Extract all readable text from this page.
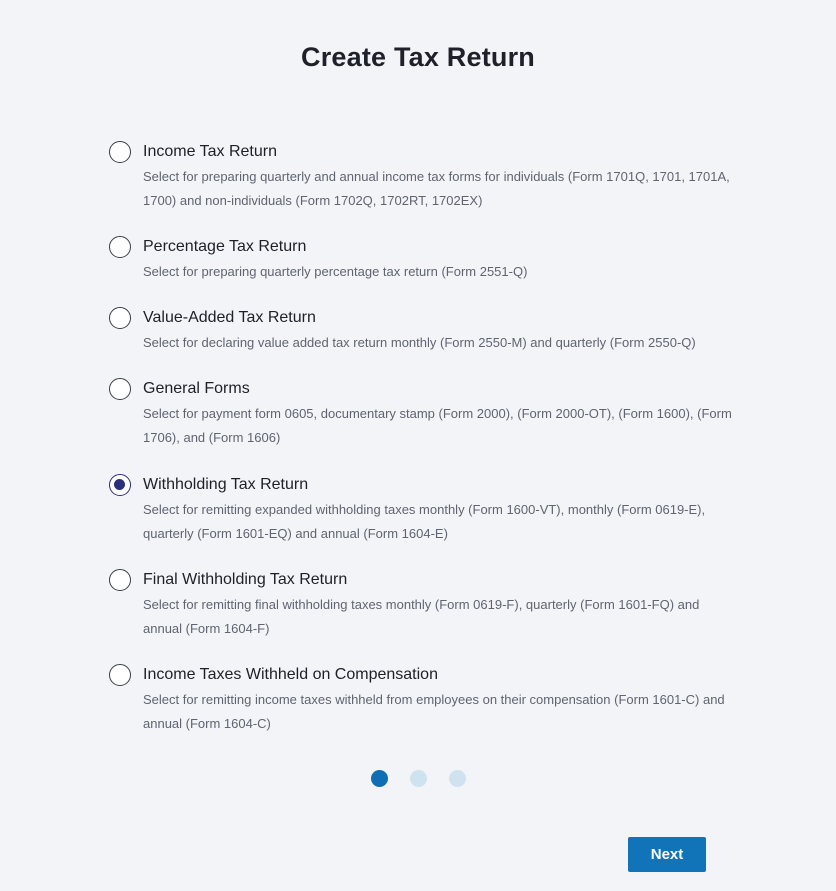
Create Tax Return
Income Tax Return
Select for preparing quarterly and annual income tax forms for individuals (Form 1701Q, 1701, 1701A, 1700) and non-individuals (Form 1702Q, 1702RT, 1702EX)
Percentage Tax Return
Select for preparing quarterly percentage tax return (Form 2551-Q)
Value-Added Tax Return
Select for declaring value added tax return monthly (Form 2550-M) and quarterly (Form 2550-Q)
General Forms
Select for payment form 0605, documentary stamp (Form 2000), (Form 2000-OT), (Form 1600), (Form 1706), and (Form 1606)
Withholding Tax Return
Select for remitting expanded withholding taxes monthly (Form 1600-VT), monthly (Form 0619-E), quarterly (Form 1601-EQ) and annual (Form 1604-E)
Final Withholding Tax Return
Select for remitting final withholding taxes monthly (Form 0619-F), quarterly (Form 1601-FQ) and annual (Form 1604-F)
Income Taxes Withheld on Compensation
Select for remitting income taxes withheld from employees on their compensation (Form 1601-C) and annual (Form 1604-C)
Next
